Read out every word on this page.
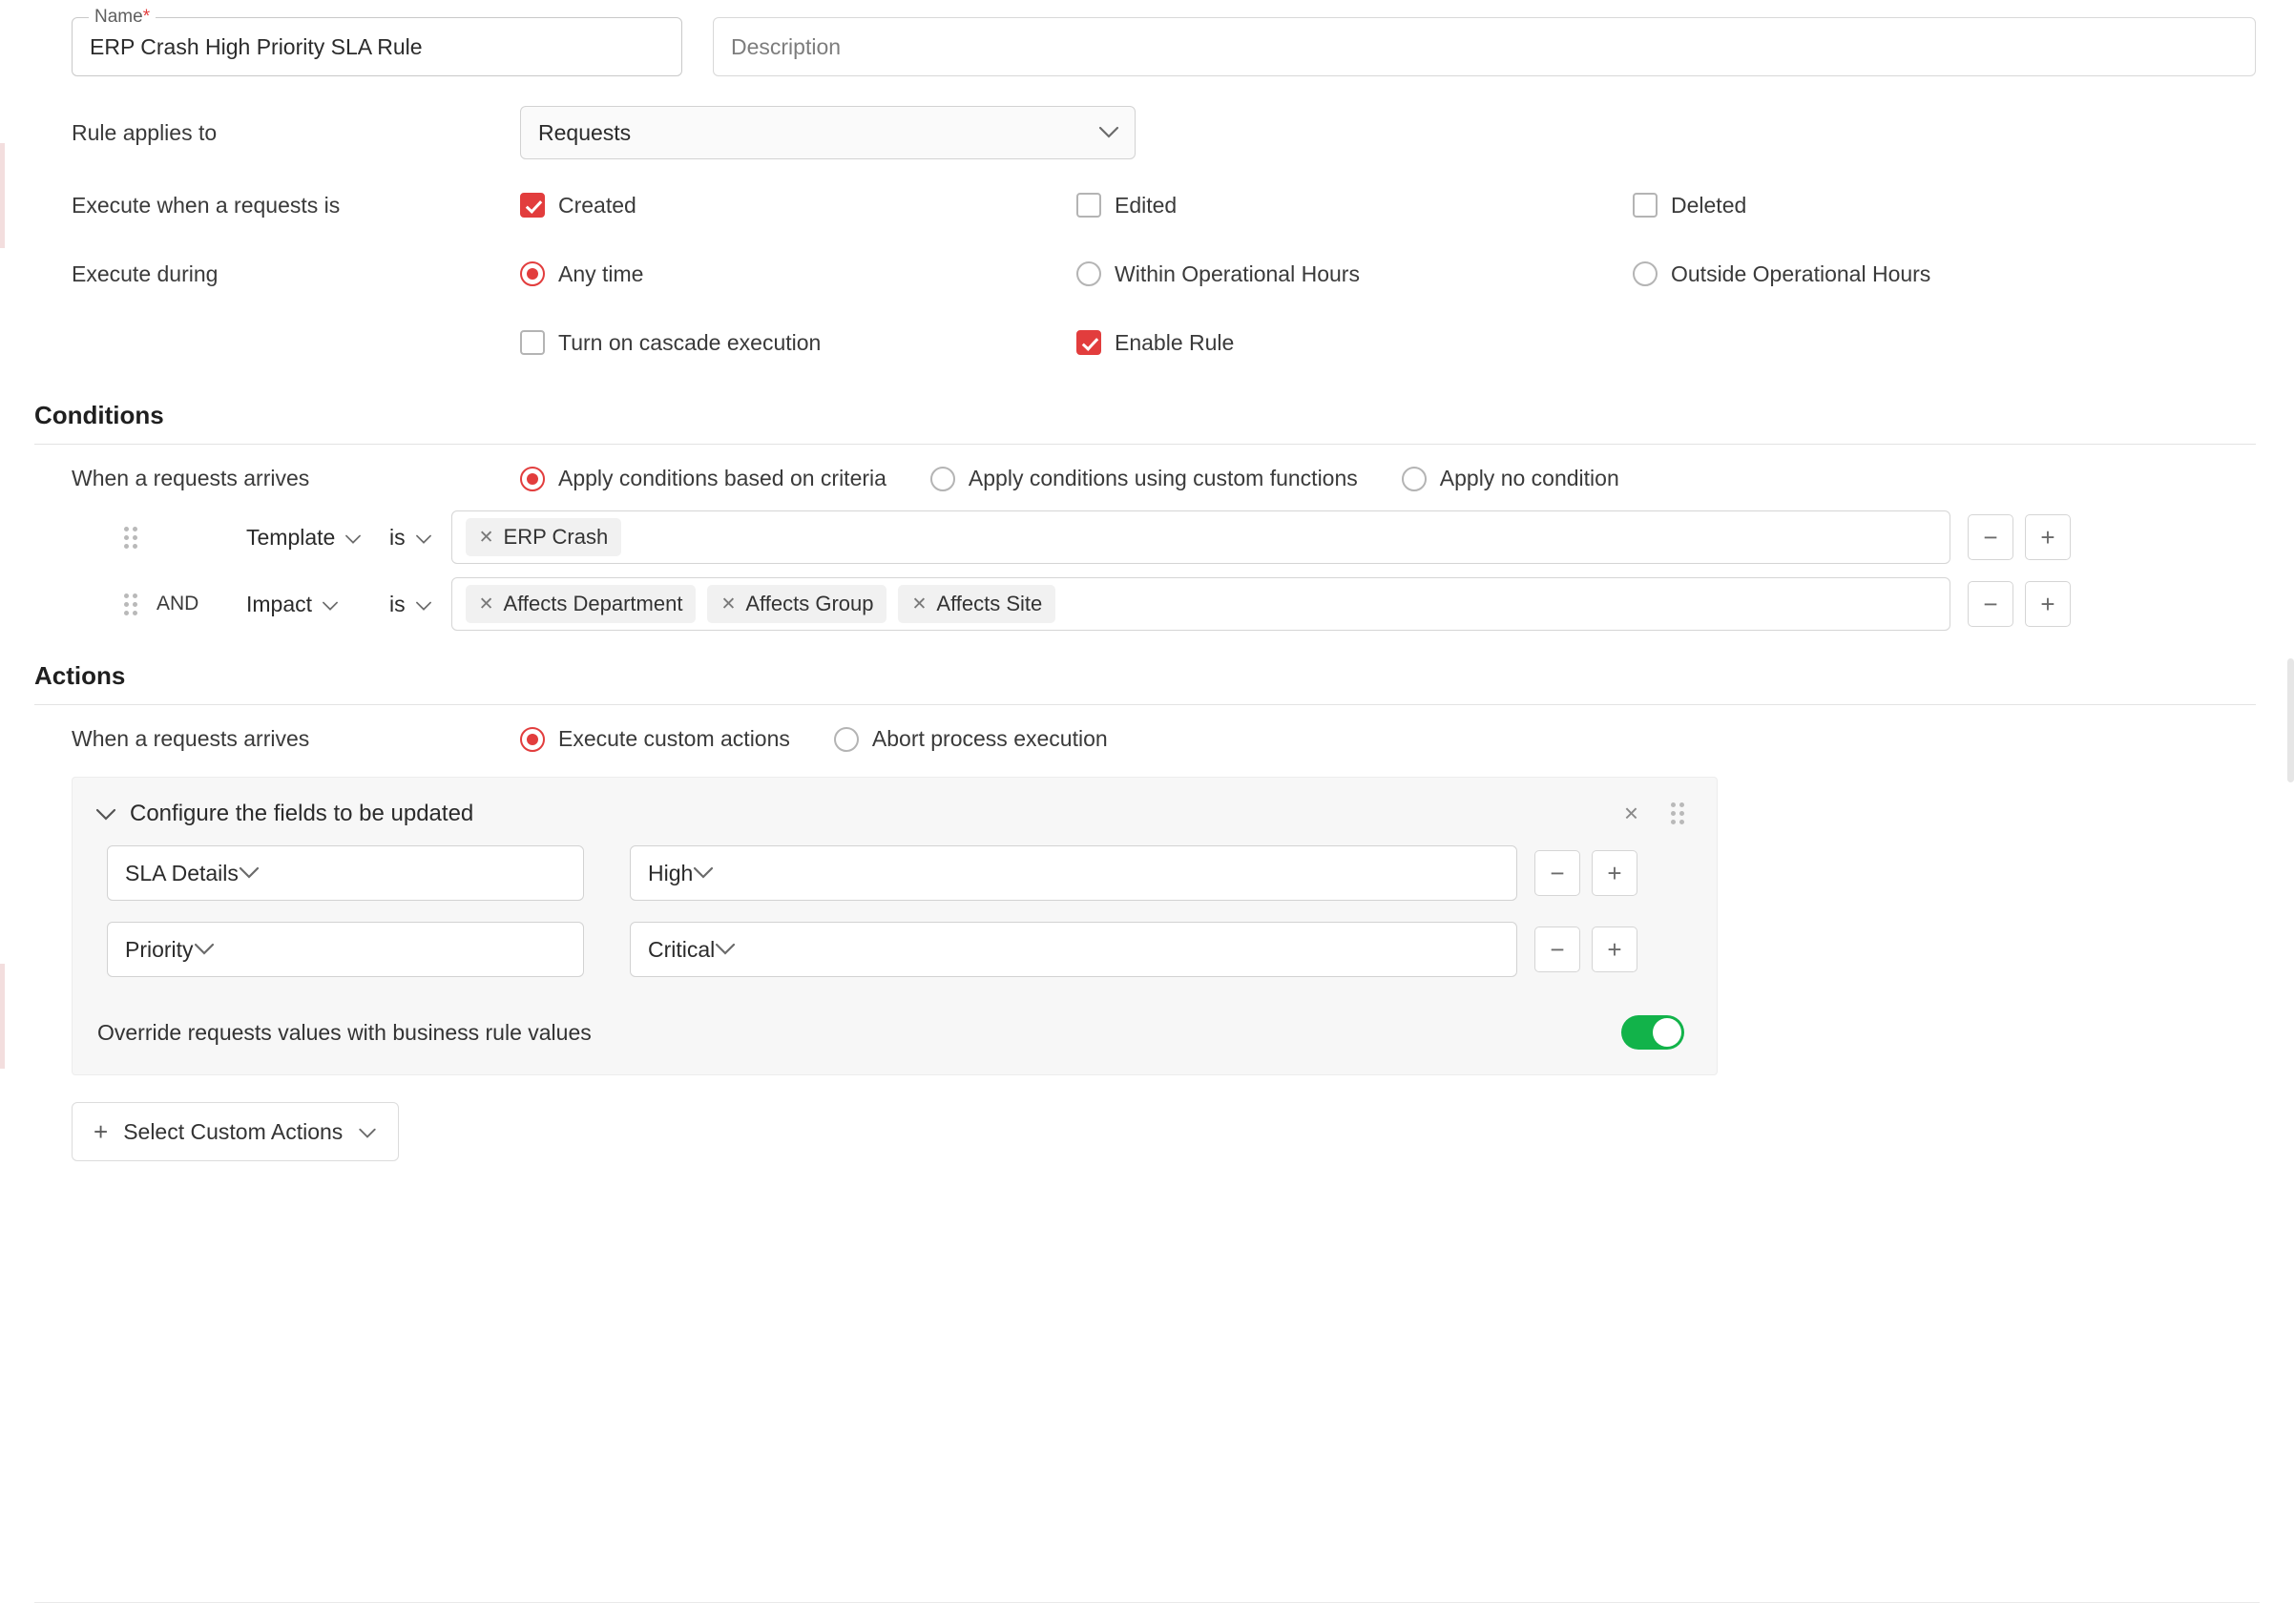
Name*
ERP Crash High Priority SLA Rule
Description
Rule applies to	Requests
Execute when a requests is	Created	Edited	Deleted
Execute during	Any time	Within Operational Hours	Outside Operational Hours
Turn on cascade execution	Enable Rule
Conditions
When a requests arrives	Apply conditions based on criteria	Apply conditions using custom functions	Apply no condition
Template is	✕ ERP Crash	−	+
AND	Impact	is	✕ Affects Department ✕ Affects Group ✕ Affects Site	−	+
Actions
When a requests arrives	Execute custom actions	Abort process execution
Configure the fields to be updated	×
SLA Details	High	−	+
Priority	Critical	−	+
Override requests values with business rule values
+ Select Custom Actions
